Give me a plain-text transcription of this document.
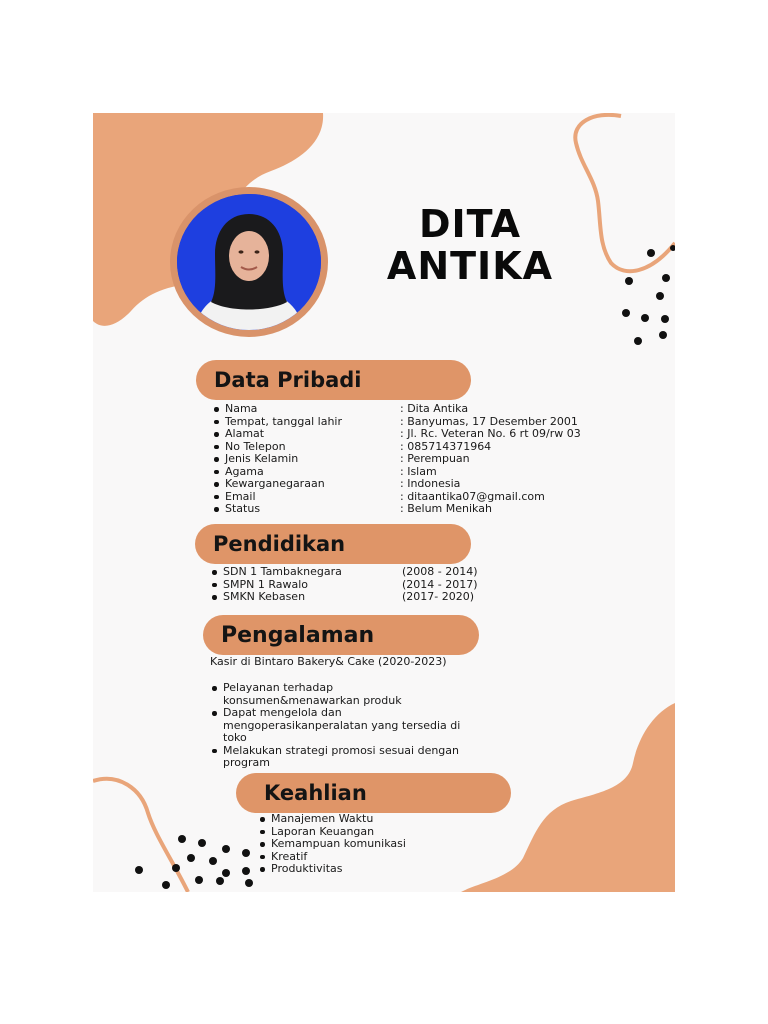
DITA
ANTIKA
Data Pribadi
Nama	: Dita Antika
Tempat, tanggal lahir	: Banyumas, 17 Desember 2001
Alamat	: Jl. Rc. Veteran No. 6 rt 09/rw 03
No Telepon	: 085714371964
Jenis Kelamin	: Perempuan
Agama	: Islam
Kewarganegaraan	: Indonesia
Email	: ditaantika07@gmail.com
Status	: Belum Menikah
Pendidikan
SDN 1 Tambaknegara	(2008 - 2014)
SMPN 1 Rawalo	(2014 - 2017)
SMKN Kebasen	(2017- 2020)
Pengalaman
Kasir di Bintaro Bakery& Cake (2020-2023)
Pelayanan terhadap
konsumen&menawarkan produk
Dapat mengelola dan
mengoperasikanperalatan yang tersedia di
toko
Melakukan strategi promosi sesuai dengan
program
Keahlian
Manajemen Waktu
Laporan Keuangan
Kemampuan komunikasi
Kreatif
Produktivitas
